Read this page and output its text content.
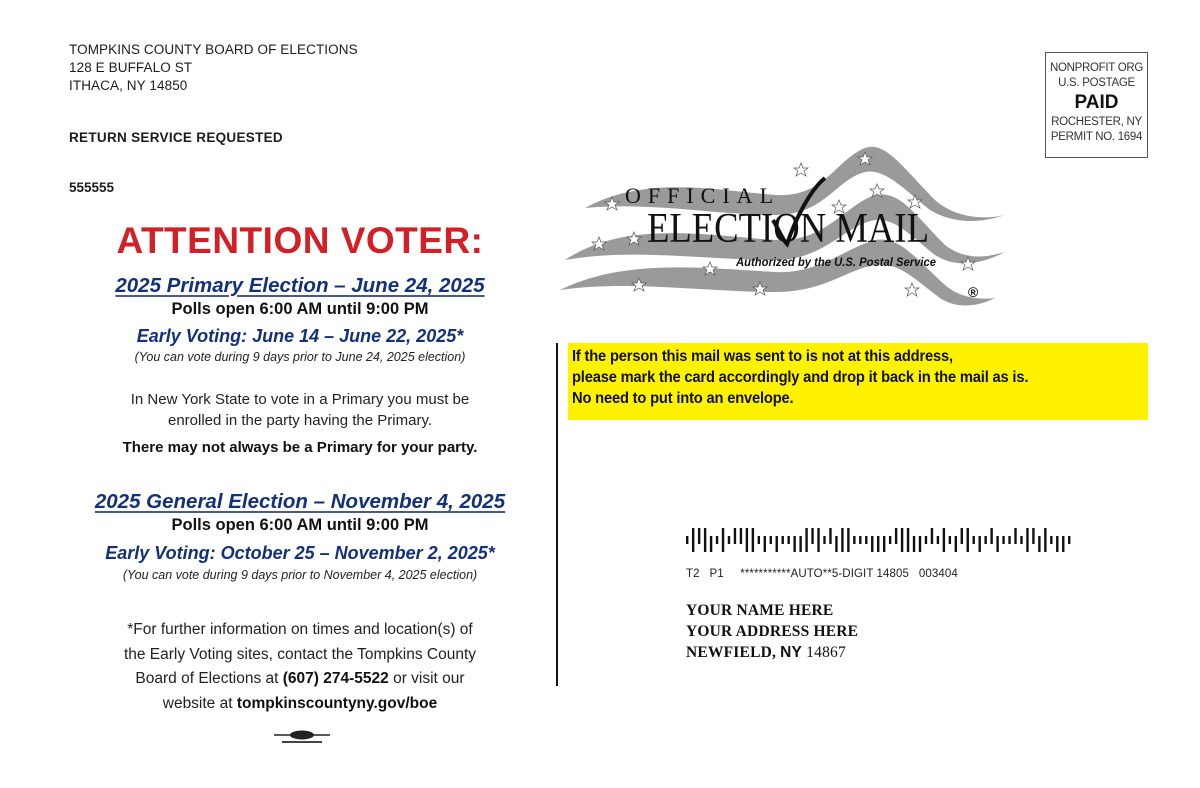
TOMPKINS COUNTY BOARD OF ELECTIONS
128 E BUFFALO ST
ITHACA, NY 14850
RETURN SERVICE REQUESTED
555555
ATTENTION VOTER:
2025 Primary Election – June 24, 2025
Polls open 6:00 AM until 9:00 PM
Early Voting: June 14 – June 22, 2025*
(You can vote during 9 days prior to June 24, 2025 election)
In New York State to vote in a Primary you must be
enrolled in the party having the Primary.
There may not always be a Primary for your party.
2025 General Election – November 4, 2025
Polls open 6:00 AM until 9:00 PM
Early Voting: October 25 – November 2, 2025*
(You can vote during 9 days prior to November 4, 2025 election)
*For further information on times and location(s) of
the Early Voting sites, contact the Tompkins County
Board of Elections at (607) 274-5522 or visit our
website at tompkinscountyny.gov/boe
NONPROFIT ORG
U.S. POSTAGE
PAID
ROCHESTER, NY
PERMIT NO. 1694
OFFICIAL
ELECTION MAIL
Authorized by the U.S. Postal Service
®
If the person this mail was sent to is not at this address,
please mark the card accordingly and drop it back in the mail as is.
No need to put into an envelope.
T2   P1     ***********AUTO**5-DIGIT 14805   003404
YOUR NAME HERE
YOUR ADDRESS HERE
NEWFIELD, NY 14867
